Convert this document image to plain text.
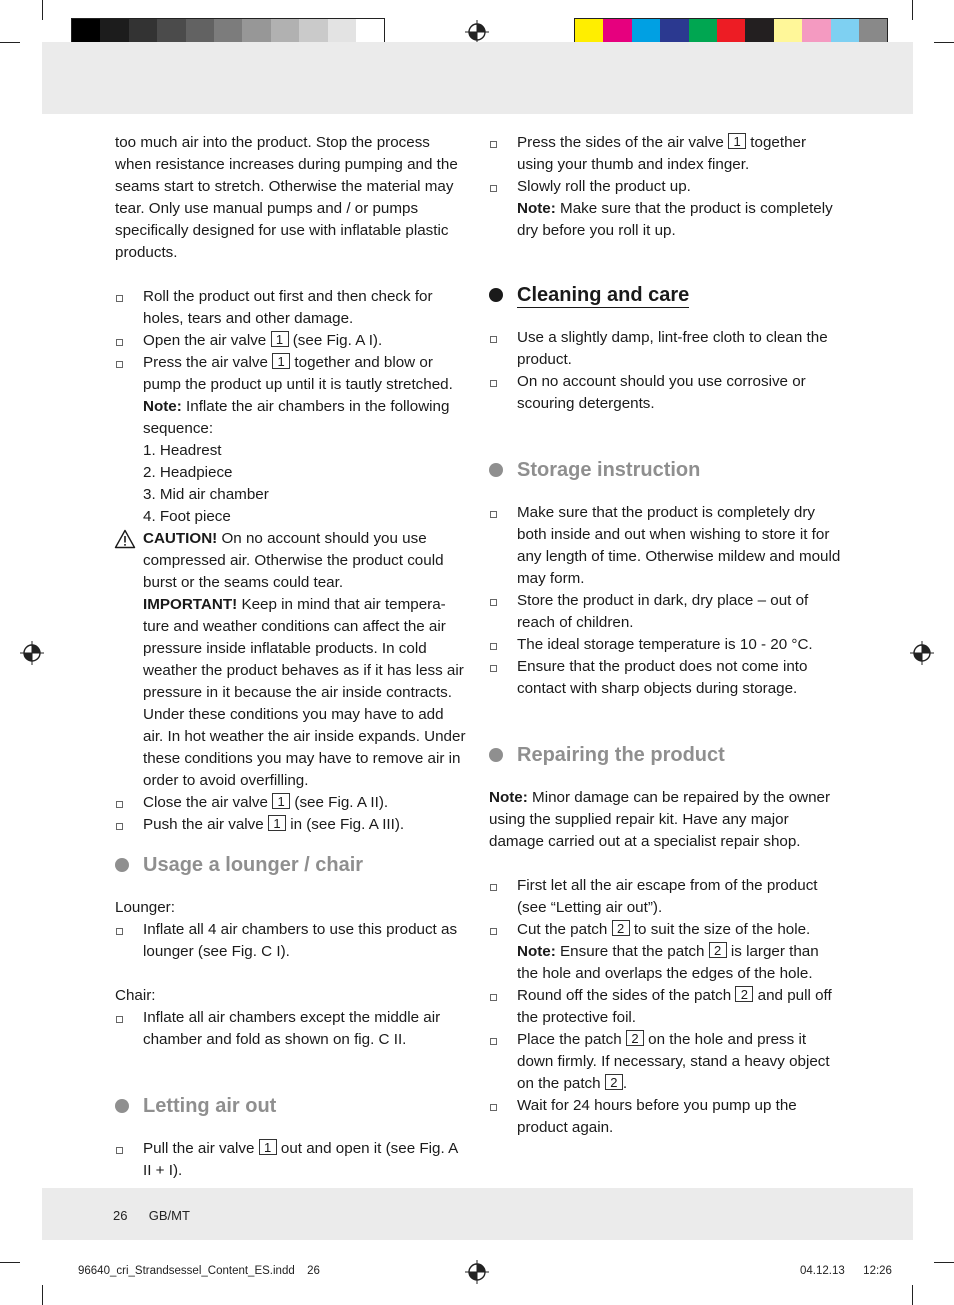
too much air into the product. Stop the process when resistance increases during pumping and the seams start to stretch. Otherwise the material may tear. Only use manual pumps and / or pumps specifically designed for use with inflatable plastic products.

Roll the product out first and then check for holes, tears and other damage.
Open the air valve 1 (see Fig. A I).
Press the air valve 1 together and blow or pump the product up until it is tautly stretched.
Note: Inflate the air chambers in the following sequence:
1. Headrest
2. Headpiece
3. Mid air chamber
4. Foot piece
CAUTION! On no account should you use compressed air. Otherwise the product could burst or the seams could tear.
IMPORTANT! Keep in mind that air tempera-ture and weather conditions can affect the air pressure inside inflatable products. In cold weather the product behaves as if it has less air pressure in it because the air inside contracts. Under these conditions you may have to add air. In hot weather the air inside expands. Under these conditions you may have to remove air in order to avoid overfilling.
Close the air valve 1 (see Fig. A II).
Push the air valve 1 in (see Fig. A III).
Usage a lounger / chair

Lounger:

Inflate all 4 air chambers to use this product as lounger (see Fig. C I).

Chair:

Inflate all air chambers except the middle air chamber and fold as shown on fig. C II.
Letting air out
Pull the air valve 1 out and open it (see Fig. A II + I).
Press the sides of the air valve 1 together using your thumb and index finger.
Slowly roll the product up.
Note: Make sure that the product is completely dry before you roll it up.
Cleaning and care
Use a slightly damp, lint-free cloth to clean the product.
On no account should you use corrosive or scouring detergents.
Storage instruction
Make sure that the product is completely dry both inside and out when wishing to store it for any length of time. Otherwise mildew and mould may form.
Store the product in dark, dry place – out of reach of children.
The ideal storage temperature is 10 - 20 °C.
Ensure that the product does not come into contact with sharp objects during storage.
Repairing the product

Note: Minor damage can be repaired by the owner using the supplied repair kit. Have any major damage carried out at a specialist repair shop.

First let all the air escape from of the product (see “Letting air out”).
Cut the patch 2 to suit the size of the hole.
Note: Ensure that the patch 2 is larger than the hole and overlaps the edges of the hole.
Round off the sides of the patch 2 and pull off the protective foil.
Place the patch 2 on the hole and press it down firmly. If necessary, stand a heavy object on the patch 2 .
Wait for 24 hours before you pump up the product again.
26 GB/MT
96640_cri_Strandsessel_Content_ES.indd 26	04.12.13 12:26
